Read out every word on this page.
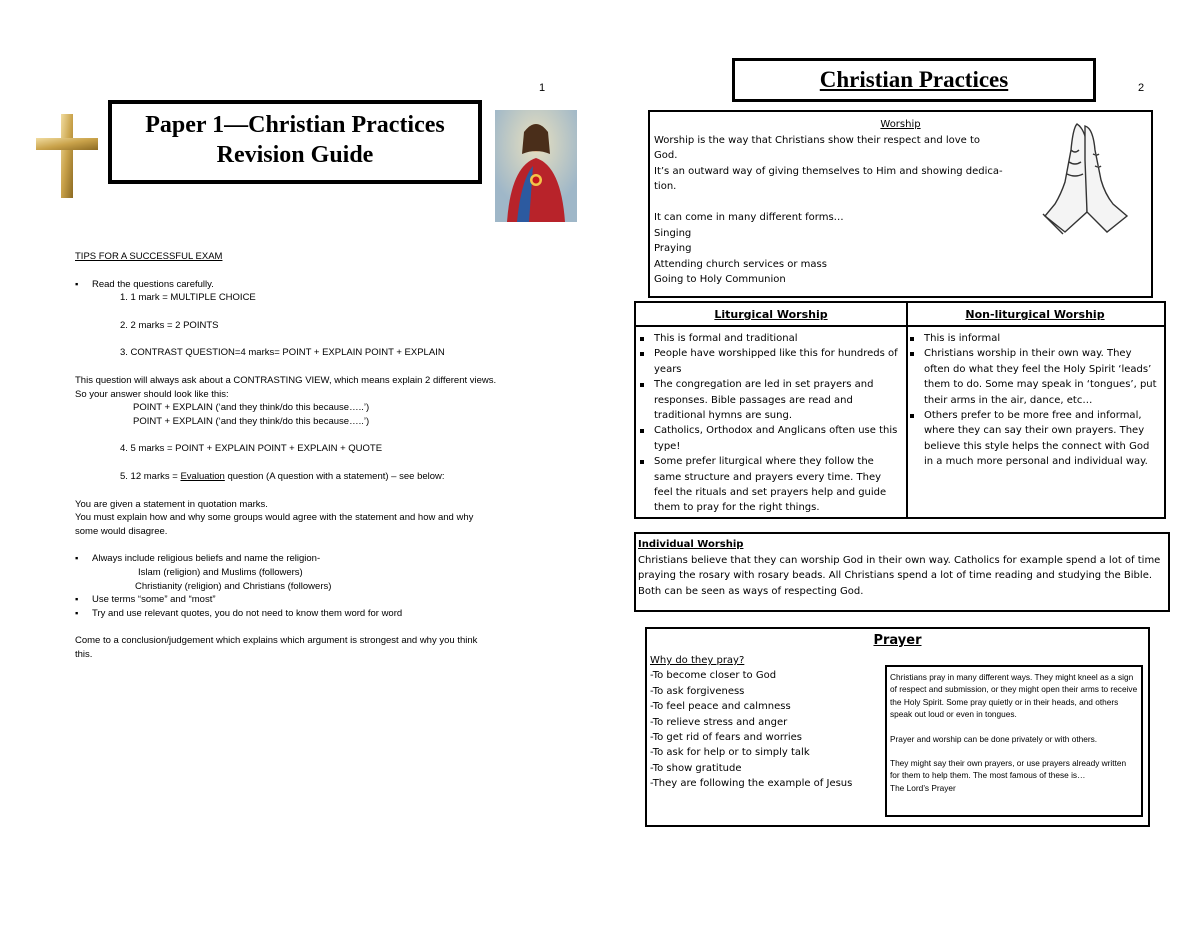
1	2
Paper 1—Christian Practices
Revision Guide
TIPS FOR A SUCCESSFUL EXAM
▪ Read the questions carefully.
1. 1 mark = MULTIPLE CHOICE
2. 2 marks = 2 POINTS
3. CONTRAST QUESTION=4 marks= POINT + EXPLAIN POINT + EXPLAIN
This question will always ask about a CONTRASTING VIEW, which means explain 2 different views.
So your answer should look like this:
POINT + EXPLAIN (‘and they think/do this because…..’)
POINT + EXPLAIN (‘and they think/do this because…..’)
4. 5 marks = POINT + EXPLAIN POINT + EXPLAIN + QUOTE
5. 12 marks = Evaluation question (A question with a statement) – see below:
You are given a statement in quotation marks.
You must explain how and why some groups would agree with the statement and how and why
some would disagree.
▪ Always include religious beliefs and name the religion-
Islam (religion) and Muslims (followers)
Christianity (religion) and Christians (followers)
▪ Use terms “some” and “most”
▪ Try and use relevant quotes, you do not need to know them word for word
Come to a conclusion/judgement which explains which argument is strongest and why you think
this.
Christian Practices
Worship
Worship is the way that Christians show their respect and love to
God.
It’s an outward way of giving themselves to Him and showing dedica-
tion.
It can come in many different forms…
Singing
Praying
Attending church services or mass
Going to Holy Communion
Liturgical Worship	Non-liturgical Worship
This is formal and traditional
People have worshipped like this for hundreds of years
The congregation are led in set prayers and responses. Bible passages are read and traditional hymns are sung.
Catholics, Orthodox and Anglicans often use this type!
Some prefer liturgical where they follow the same structure and prayers every time. They feel the rituals and set prayers help and guide them to pray for the right things.
This is informal
Christians worship in their own way. They often do what they feel the Holy Spirit ‘leads’ them to do. Some may speak in ‘tongues’, put their arms in the air, dance, etc…
Others prefer to be more free and informal, where they can say their own prayers. They believe this style helps the connect with God in a much more personal and individual way.
Individual Worship
Christians believe that they can worship God in their own way. Catholics for example spend a lot of time praying the rosary with rosary beads. All Christians spend a lot of time reading and studying the Bible. Both can be seen as ways of respecting God.
Prayer
Why do they pray?
-To become closer to God
-To ask forgiveness
-To feel peace and calmness
-To relieve stress and anger
-To get rid of fears and worries
-To ask for help or to simply talk
-To show gratitude
-They are following the example of Jesus

Christians pray in many different ways. They might kneel as a sign of respect and submission, or they might open their arms to receive the Holy Spirit. Some pray quietly or in their heads, and others speak out loud or even in tongues.

Prayer and worship can be done privately or with others.

They might say their own prayers, or use prayers already written for them to help them. The most famous of these is…

The Lord’s Prayer
